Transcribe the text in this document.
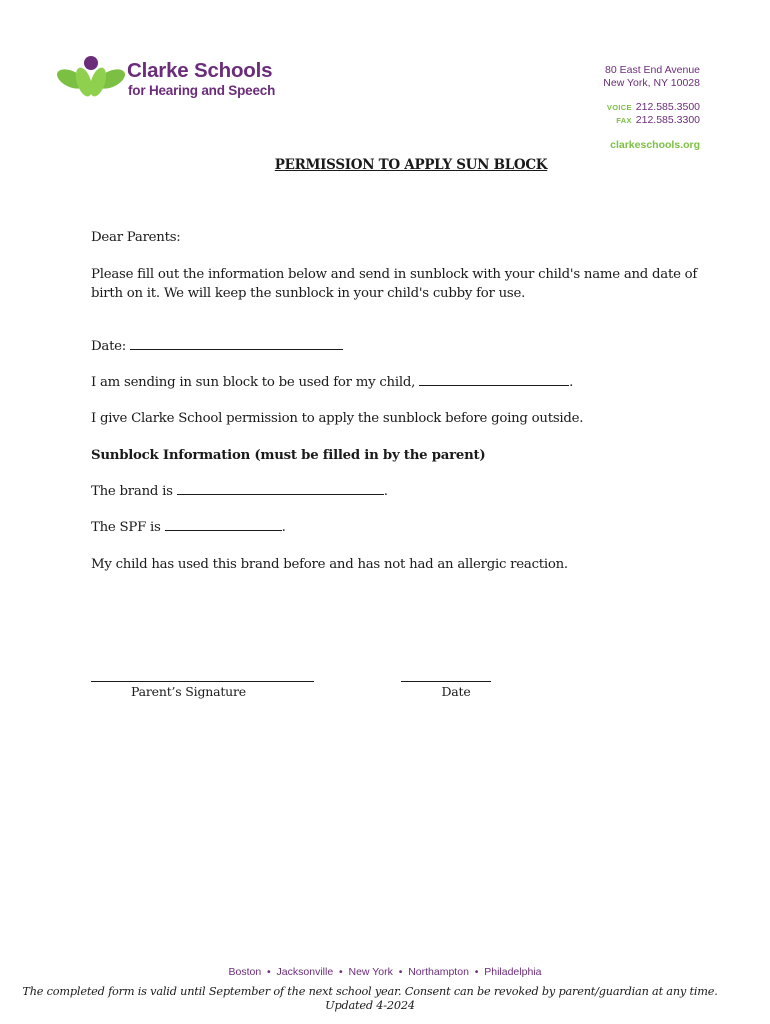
Clarke Schools
for Hearing and Speech
80 East End Avenue
New York, NY 10028
VOICE 212.585.3500
FAX 212.585.3300
clarkeschools.org
PERMISSION TO APPLY SUN BLOCK
Dear Parents:
Please fill out the information below and send in sunblock with your child's name and date of birth on it. We will keep the sunblock in your child's cubby for use.
Date:
I am sending in sun block to be used for my child,	.
I give Clarke School permission to apply the sunblock before going outside.
Sunblock Information (must be filled in by the parent)
The brand is	.
The SPF is	.
My child has used this brand before and has not had an allergic reaction.
Parent’s Signature	Date
Boston  •  Jacksonville  •  New York  •  Northampton  •  Philadelphia
The completed form is valid until September of the next school year. Consent can be revoked by parent/guardian at any time.
Updated 4-2024
